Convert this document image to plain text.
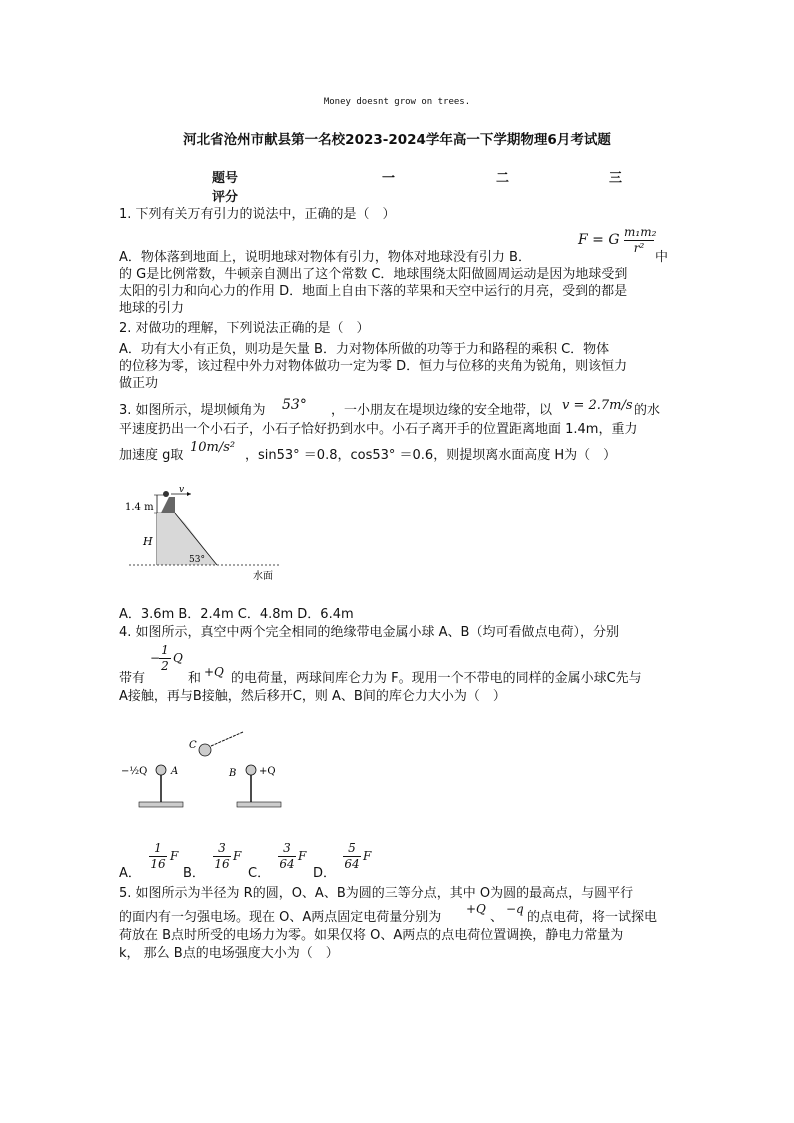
Money doesnt grow on trees.
河北省沧州市献县第一名校2023-2024学年高一下学期物理6月考试题
题号	一	二	三
评分
1. 下列有关万有引力的说法中，正确的是（　）
F = G m₁m₂
r²
A．物体落到地面上，说明地球对物体有引力，物体对地球没有引力 B．	中
的 G是比例常数，牛顿亲自测出了这个常数 C．地球围绕太阳做圆周运动是因为地球受到
太阳的引力和向心力的作用 D．地面上自由下落的苹果和天空中运行的月亮，受到的都是
地球的引力
2. 对做功的理解，下列说法正确的是（　）
A．功有大小有正负，则功是矢量 B．力对物体所做的功等于力和路程的乘积 C．物体
的位移为零，该过程中外力对物体做功一定为零 D．恒力与位移的夹角为锐角，则该恒力
做正功
3. 如图所示，堤坝倾角为 53° ，一小朋友在堤坝边缘的安全地带，以 v = 2.7m/s 的水
平速度扔出一个小石子，小石子恰好扔到水中。小石子离开手的位置距离地面 1.4m，重力
加速度 g取
10m/s²
，sin53° ＝0.8，cos53° ＝0.6，则提坝离水面高度 H为（　）
1.4 m
H
v
53°
水面
A．3.6m B．2.4m C．4.8m D．6.4m
4. 如图所示，真空中两个完全相同的绝缘带电金属小球 A、B（均可看做点电荷），分别
带有
−
1
2
Q
和 +Q 的电荷量，两球间库仑力为 F。现用一个不带电的同样的金属小球C先与
A接触，再与B接触，然后移开C，则 A、B间的库仑力大小为（　）
−½Q A
C
B +Q
A．
1
16
F
B．
3
16
F
C．
3
64
F
D．
5
64
F
5. 如图所示为半径为 R的圆，O、A、B为圆的三等分点，其中 O为圆的最高点，与圆平行
的面内有一匀强电场。现在 O、A两点固定电荷量分别为
+Q
、
−q
的点电荷，将一试探电
荷放在 B点时所受的电场力为零。如果仅将 O、A两点的点电荷位置调换，静电力常量为
k， 那么 B点的电场强度大小为（　）
